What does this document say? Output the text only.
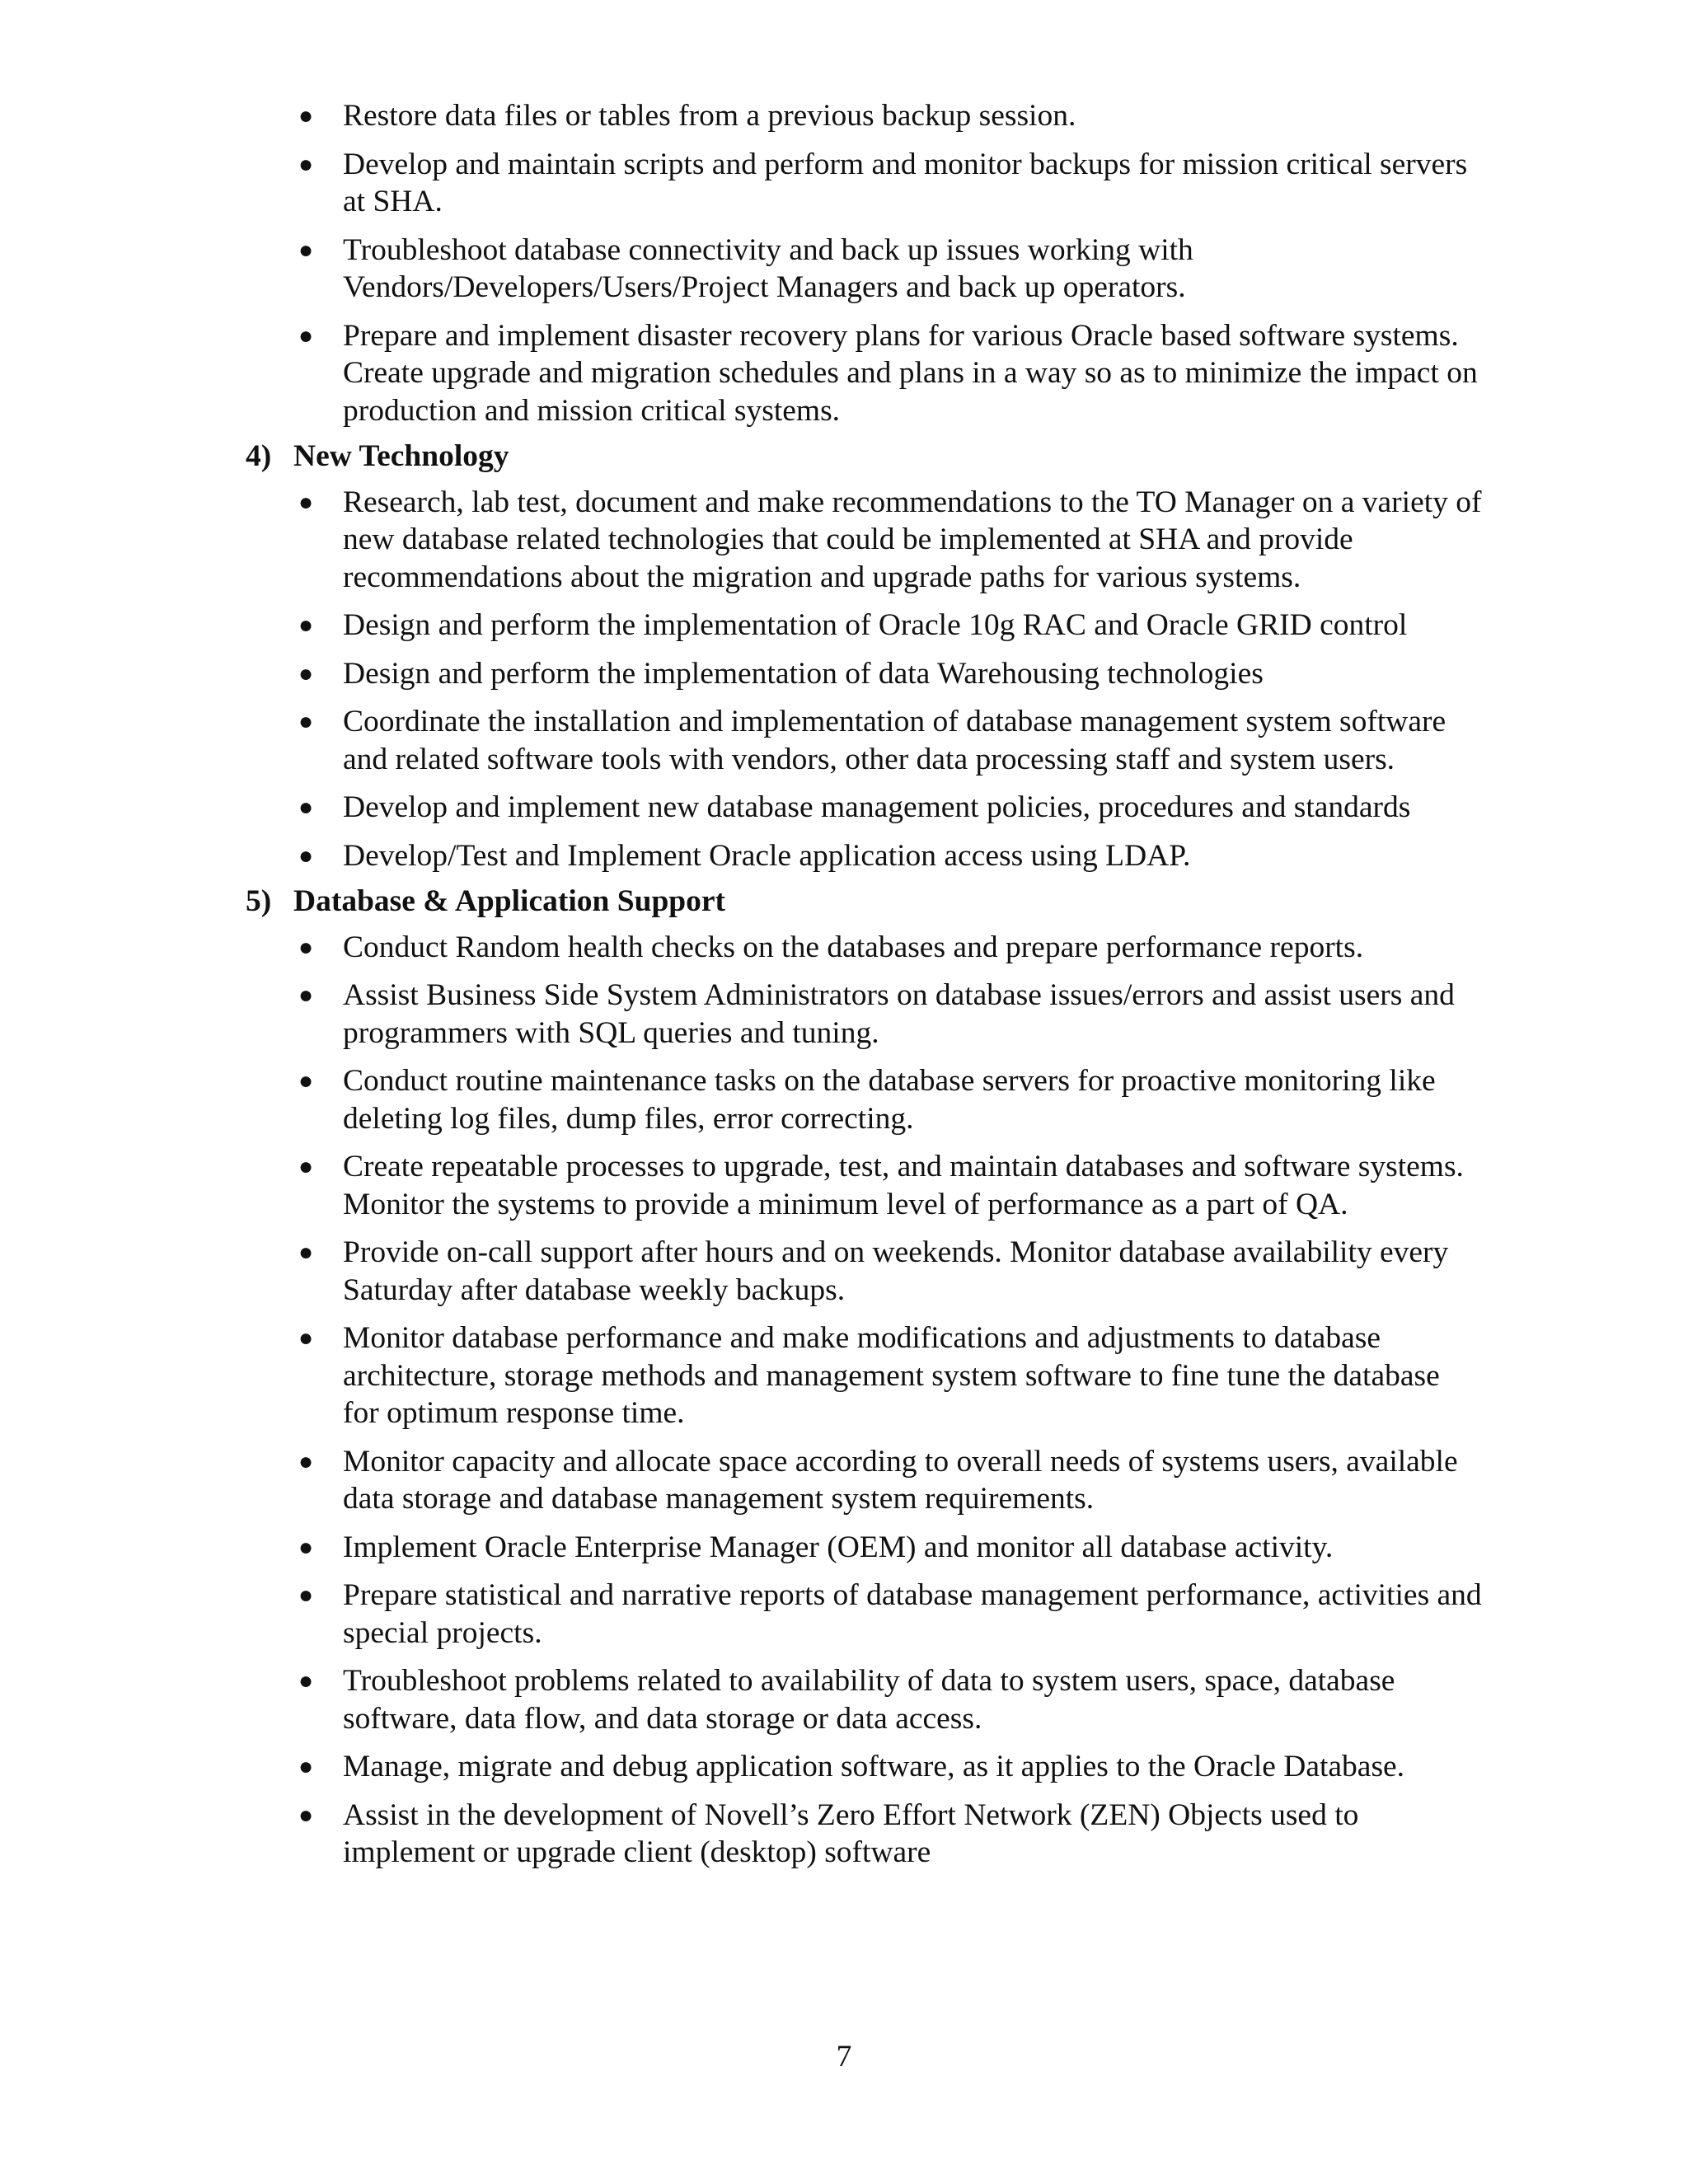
● Restore data files or tables from a previous backup session.
● Develop and maintain scripts and perform and monitor backups for mission critical servers at SHA.
● Troubleshoot database connectivity and back up issues working with Vendors/Developers/Users/Project Managers and back up operators.
● Prepare and implement disaster recovery plans for various Oracle based software systems. Create upgrade and migration schedules and plans in a way so as to minimize the impact on production and mission critical systems.
4) New Technology
● Research, lab test, document and make recommendations to the TO Manager on a variety of new database related technologies that could be implemented at SHA and provide recommendations about the migration and upgrade paths for various systems.
● Design and perform the implementation of Oracle 10g RAC and Oracle GRID control
● Design and perform the implementation of data Warehousing technologies
● Coordinate the installation and implementation of database management system software and related software tools with vendors, other data processing staff and system users.
● Develop and implement new database management policies, procedures and standards
● Develop/Test and Implement Oracle application access using LDAP.
5) Database & Application Support
● Conduct Random health checks on the databases and prepare performance reports.
● Assist Business Side System Administrators on database issues/errors and assist users and programmers with SQL queries and tuning.
● Conduct routine maintenance tasks on the database servers for proactive monitoring like deleting log files, dump files, error correcting.
● Create repeatable processes to upgrade, test, and maintain databases and software systems. Monitor the systems to provide a minimum level of performance as a part of QA.
● Provide on-call support after hours and on weekends. Monitor database availability every Saturday after database weekly backups.
● Monitor database performance and make modifications and adjustments to database architecture, storage methods and management system software to fine tune the database for optimum response time.
● Monitor capacity and allocate space according to overall needs of systems users, available data storage and database management system requirements.
● Implement Oracle Enterprise Manager (OEM) and monitor all database activity.
● Prepare statistical and narrative reports of database management performance, activities and special projects.
● Troubleshoot problems related to availability of data to system users, space, database software, data flow, and data storage or data access.
● Manage, migrate and debug application software, as it applies to the Oracle Database.
● Assist in the development of Novell’s Zero Effort Network (ZEN) Objects used to implement or upgrade client (desktop) software
7
